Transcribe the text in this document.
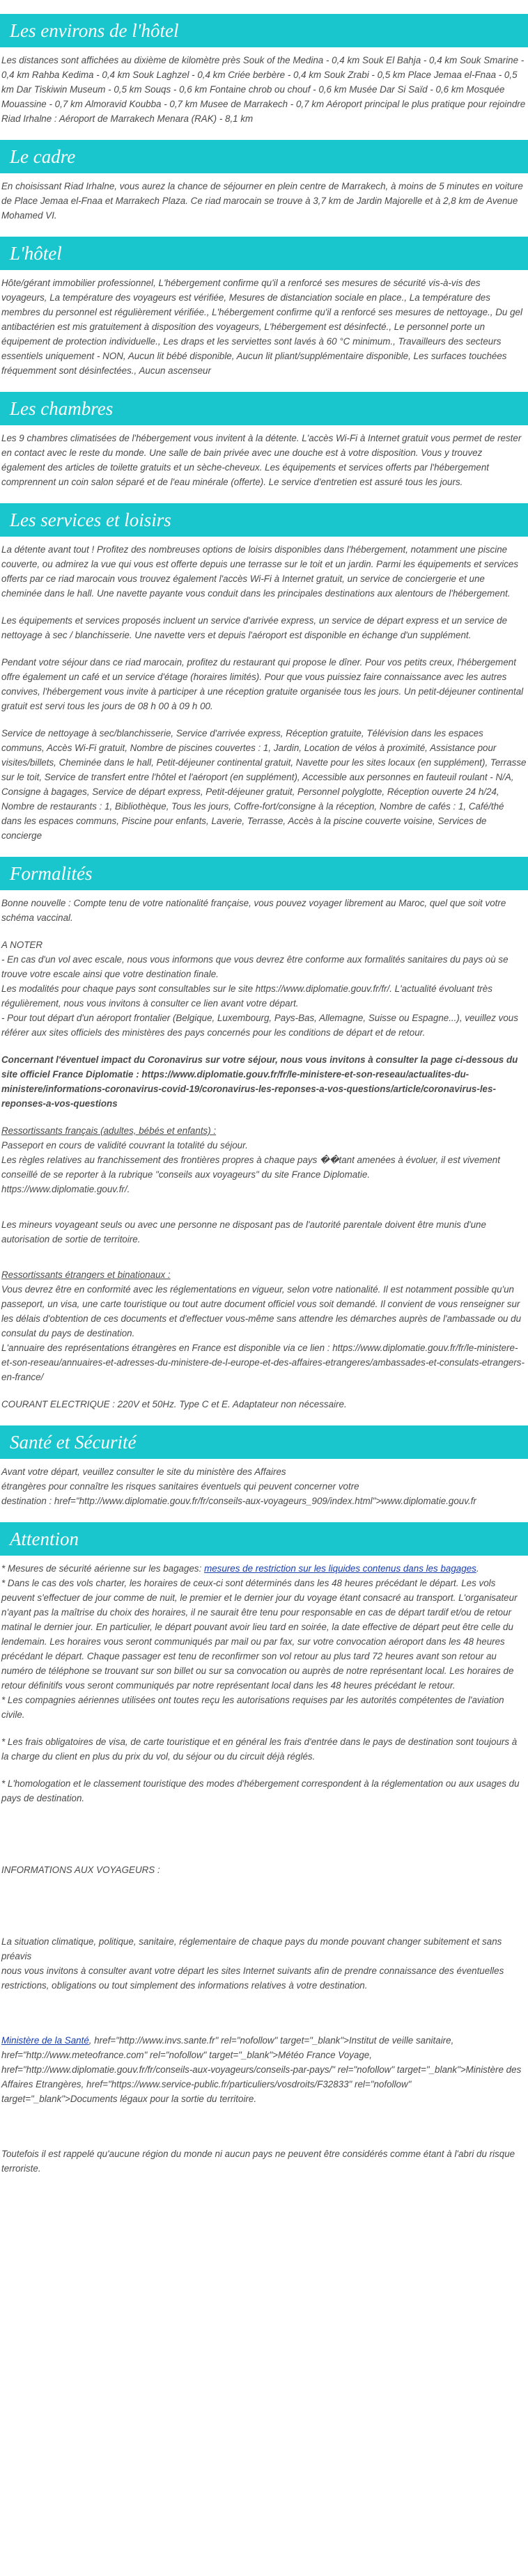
Les environs de l'hôtel

Les distances sont affichées au dixième de kilomètre près Souk of the Medina - 0,4 km Souk El Bahja - 0,4 km Souk Smarine - 0,4 km Rahba Kedima - 0,4 km Souk Laghzel - 0,4 km Criée berbère - 0,4 km Souk Zrabi - 0,5 km Place Jemaa el-Fnaa - 0,5 km Dar Tiskiwin Museum - 0,5 km Souqs - 0,6 km Fontaine chrob ou chouf - 0,6 km Musée Dar Si Saïd - 0,6 km Mosquée Mouassine - 0,7 km Almoravid Koubba - 0,7 km Musee de Marrakech - 0,7 km Aéroport principal le plus pratique pour rejoindre Riad Irhalne : Aéroport de Marrakech Menara (RAK) - 8,1 km

Le cadre

En choisissant Riad Irhalne, vous aurez la chance de séjourner en plein centre de Marrakech, à moins de 5 minutes en voiture de Place Jemaa el-Fnaa et Marrakech Plaza. Ce riad marocain se trouve à 3,7 km de Jardin Majorelle et à 2,8 km de Avenue Mohamed VI.

L'hôtel

Hôte/gérant immobilier professionnel, L'hébergement confirme qu'il a renforcé ses mesures de sécurité vis-à-vis des voyageurs, La température des voyageurs est vérifiée, Mesures de distanciation sociale en place., La température des membres du personnel est régulièrement vérifiée., L'hébergement confirme qu'il a renforcé ses mesures de nettoyage., Du gel antibactérien est mis gratuitement à disposition des voyageurs, L'hébergement est désinfecté., Le personnel porte un équipement de protection individuelle., Les draps et les serviettes sont lavés à 60 °C minimum., Travailleurs des secteurs essentiels uniquement - NON, Aucun lit bébé disponible, Aucun lit pliant/supplémentaire disponible, Les surfaces touchées fréquemment sont désinfectées., Aucun ascenseur

Les chambres

Les 9 chambres climatisées de l'hébergement vous invitent à la détente. L'accès Wi-Fi à Internet gratuit vous permet de rester en contact avec le reste du monde. Une salle de bain privée avec une douche est à votre disposition. Vous y trouvez également des articles de toilette gratuits et un sèche-cheveux. Les équipements et services offerts par l'hébergement comprennent un coin salon séparé et de l'eau minérale (offerte). Le service d'entretien est assuré tous les jours.

Les services et loisirs

La détente avant tout ! Profitez des nombreuses options de loisirs disponibles dans l'hébergement, notamment une piscine couverte, ou admirez la vue qui vous est offerte depuis une terrasse sur le toit et un jardin. Parmi les équipements et services offerts par ce riad marocain vous trouvez également l'accès Wi-Fi à Internet gratuit, un service de conciergerie et une cheminée dans le hall. Une navette payante vous conduit dans les principales destinations aux alentours de l'hébergement.

Les équipements et services proposés incluent un service d'arrivée express, un service de départ express et un service de nettoyage à sec / blanchisserie. Une navette vers et depuis l'aéroport est disponible en échange d'un supplément.

Pendant votre séjour dans ce riad marocain, profitez du restaurant qui propose le dîner. Pour vos petits creux, l'hébergement offre également un café et un service d'étage (horaires limités). Pour que vous puissiez faire connaissance avec les autres convives, l'hébergement vous invite à participer à une réception gratuite organisée tous les jours. Un petit-déjeuner continental gratuit est servi tous les jours de 08 h 00 à 09 h 00.

Service de nettoyage à sec/blanchisserie, Service d'arrivée express, Réception gratuite, Télévision dans les espaces communs, Accès Wi-Fi gratuit, Nombre de piscines couvertes : 1, Jardin, Location de vélos à proximité, Assistance pour visites/billets, Cheminée dans le hall, Petit-déjeuner continental gratuit, Navette pour les sites locaux (en supplément), Terrasse sur le toit, Service de transfert entre l'hôtel et l'aéroport (en supplément), Accessible aux personnes en fauteuil roulant - N/A, Consigne à bagages, Service de départ express, Petit-déjeuner gratuit, Personnel polyglotte, Réception ouverte 24 h/24, Nombre de restaurants : 1, Bibliothèque, Tous les jours, Coffre-fort/consigne à la réception, Nombre de cafés : 1, Café/thé dans les espaces communs, Piscine pour enfants, Laverie, Terrasse, Accès à la piscine couverte voisine, Services de concierge

Formalités

Bonne nouvelle : Compte tenu de votre nationalité française, vous pouvez voyager librement au Maroc, quel que soit votre schéma vaccinal.

A NOTER
- En cas d'un vol avec escale, nous vous informons que vous devrez être conforme aux formalités sanitaires du pays où se trouve votre escale ainsi que votre destination finale.
Les modalités pour chaque pays sont consultables sur le site https://www.diplomatie.gouv.fr/fr/. L'actualité évoluant très régulièrement, nous vous invitons à consulter ce lien avant votre départ.
- Pour tout départ d'un aéroport frontalier (Belgique, Luxembourg, Pays-Bas, Allemagne, Suisse ou Espagne...), veuillez vous référer aux sites officiels des ministères des pays concernés pour les conditions de départ et de retour.

Concernant l'éventuel impact du Coronavirus sur votre séjour, nous vous invitons à consulter la page ci-dessous du site officiel France Diplomatie : https://www.diplomatie.gouv.fr/fr/le-ministere-et-son-reseau/actualites-du-ministere/informations-coronavirus-covid-19/coronavirus-les-reponses-a-vos-questions/article/coronavirus-les-reponses-a-vos-questions

Ressortissants français (adultes, bébés et enfants) :
Passeport en cours de validité couvrant la totalité du séjour.
Les règles relatives au franchissement des frontières propres à chaque pays ��tant amenées à évoluer, il est vivement conseillé de se reporter à la rubrique "conseils aux voyageurs" du site France Diplomatie.
https://www.diplomatie.gouv.fr/.

Les mineurs voyageant seuls ou avec une personne ne disposant pas de l'autorité parentale doivent être munis d'une autorisation de sortie de territoire.

Ressortissants étrangers et binationaux :
Vous devrez être en conformité avec les réglementations en vigueur, selon votre nationalité. Il est notamment possible qu'un passeport, un visa, une carte touristique ou tout autre document officiel vous soit demandé. Il convient de vous renseigner sur les délais d'obtention de ces documents et d'effectuer vous-même sans attendre les démarches auprès de l'ambassade ou du consulat du pays de destination.
L'annuaire des représentations étrangères en France est disponible via ce lien : https://www.diplomatie.gouv.fr/fr/le-ministere-et-son-reseau/annuaires-et-adresses-du-ministere-de-l-europe-et-des-affaires-etrangeres/ambassades-et-consulats-etrangers-en-france/

COURANT ELECTRIQUE : 220V et 50Hz. Type C et E. Adaptateur non nécessaire.

Santé et Sécurité

Avant votre départ, veuillez consulter le site du ministère des Affaires
étrangères pour connaître les risques sanitaires éventuels qui peuvent concerner votre
destination : href="http://www.diplomatie.gouv.fr/fr/conseils-aux-voyageurs_909/index.html">www.diplomatie.gouv.fr

Attention

* Mesures de sécurité aérienne sur les bagages: mesures de restriction sur les liquides contenus dans les bagages.
* Dans le cas des vols charter, les horaires de ceux-ci sont déterminés dans les 48 heures précédant le départ. Les vols peuvent s'effectuer de jour comme de nuit, le premier et le dernier jour du voyage étant consacré au transport. L'organisateur n'ayant pas la maîtrise du choix des horaires, il ne saurait être tenu pour responsable en cas de départ tardif et/ou de retour matinal le dernier jour. En particulier, le départ pouvant avoir lieu tard en soirée, la date effective de départ peut être celle du lendemain. Les horaires vous seront communiqués par mail ou par fax, sur votre convocation aéroport dans les 48 heures précédant le départ. Chaque passager est tenu de reconfirmer son vol retour au plus tard 72 heures avant son retour au numéro de téléphone se trouvant sur son billet ou sur sa convocation ou auprès de notre représentant local. Les horaires de retour définitifs vous seront communiqués par notre représentant local dans les 48 heures précédant le retour.
* Les compagnies aériennes utilisées ont toutes reçu les autorisations requises par les autorités compétentes de l'aviation civile.

* Les frais obligatoires de visa, de carte touristique et en général les frais d'entrée dans le pays de destination sont toujours à la charge du client en plus du prix du vol, du séjour ou du circuit déjà réglés.

* L'homologation et le classement touristique des modes d'hébergement correspondent à la réglementation ou aux usages du pays de destination.

INFORMATIONS AUX VOYAGEURS :

La situation climatique, politique, sanitaire, réglementaire de chaque pays du monde pouvant changer subitement et sans préavis
nous vous invitons à consulter avant votre départ les sites Internet suivants afin de prendre connaissance des éventuelles restrictions, obligations ou tout simplement des informations relatives à votre destination.

Ministère de la Santé, href="http://www.invs.sante.fr" rel="nofollow" target="_blank">Institut de veille sanitaire, href="http://www.meteofrance.com" rel="nofollow" target="_blank">Météo France Voyage, href="http://www.diplomatie.gouv.fr/fr/conseils-aux-voyageurs/conseils-par-pays/" rel="nofollow" target="_blank">Ministère des Affaires Etrangères, href="https://www.service-public.fr/particuliers/vosdroits/F32833" rel="nofollow" target="_blank">Documents légaux pour la sortie du territoire.

Toutefois il est rappelé qu'aucune région du monde ni aucun pays ne peuvent être considérés comme étant à l'abri du risque terroriste.
